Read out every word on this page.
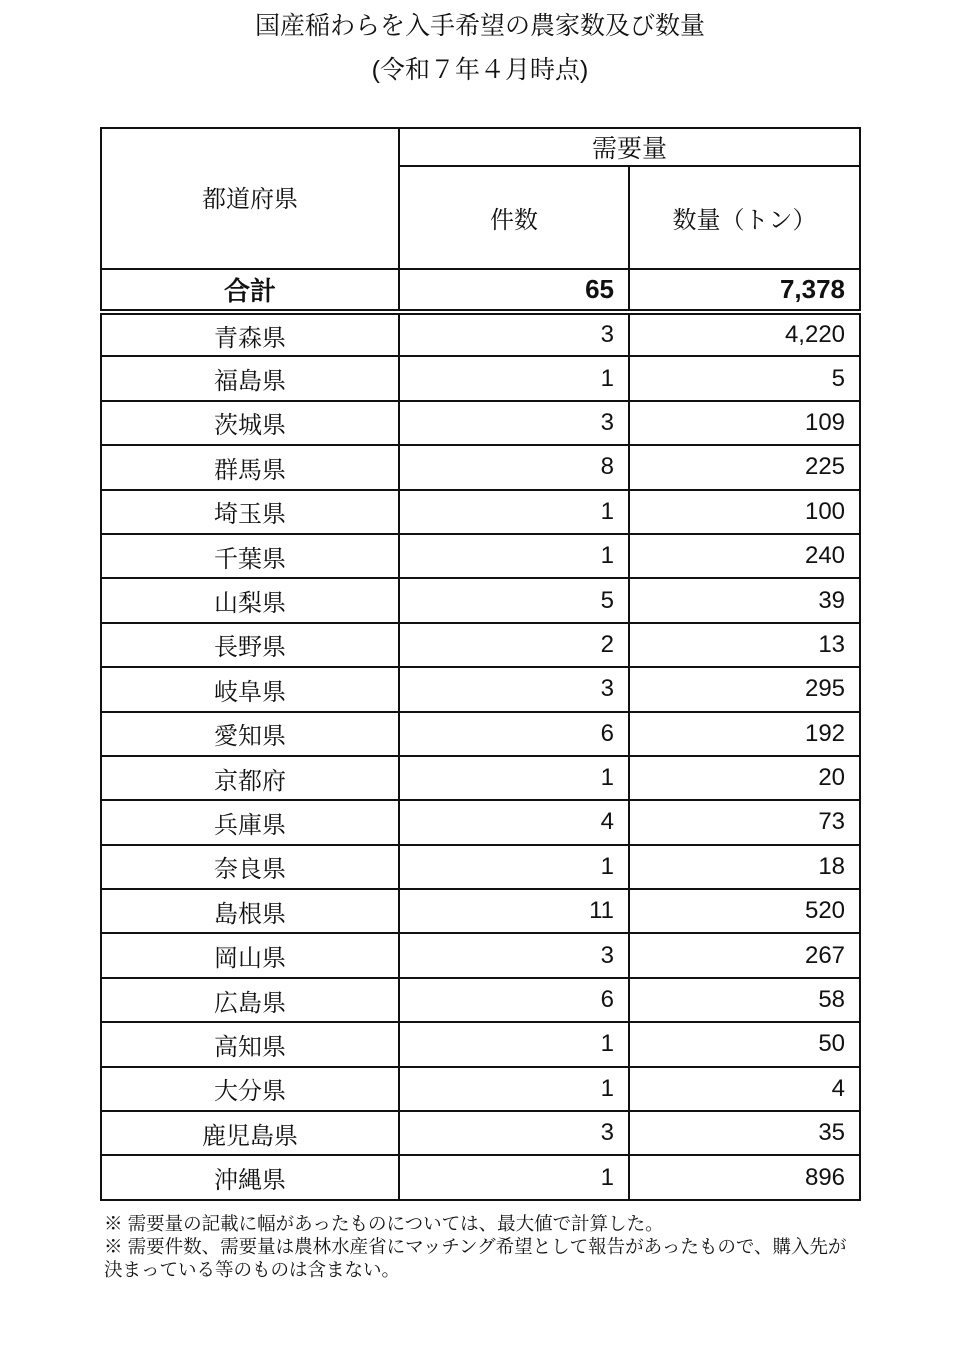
国産稲わらを入手希望の農家数及び数量
(令和７年４月時点)
都道府県	需要量	
	件数	数量（トン）
合計	65	7,378
青森県	3	4,220
福島県	1	5
茨城県	3	109
群馬県	8	225
埼玉県	1	100
千葉県	1	240
山梨県	5	39
長野県	2	13
岐阜県	3	295
愛知県	6	192
京都府	1	20
兵庫県	4	73
奈良県	1	18
島根県	11	520
岡山県	3	267
広島県	6	58
高知県	1	50
大分県	1	4
鹿児島県	3	35
沖縄県	1	896
※ 需要量の記載に幅があったものについては、最大値で計算した。
※ 需要件数、需要量は農林水産省にマッチング希望として報告があったもので、購入先が決まっている等のものは含まない。
